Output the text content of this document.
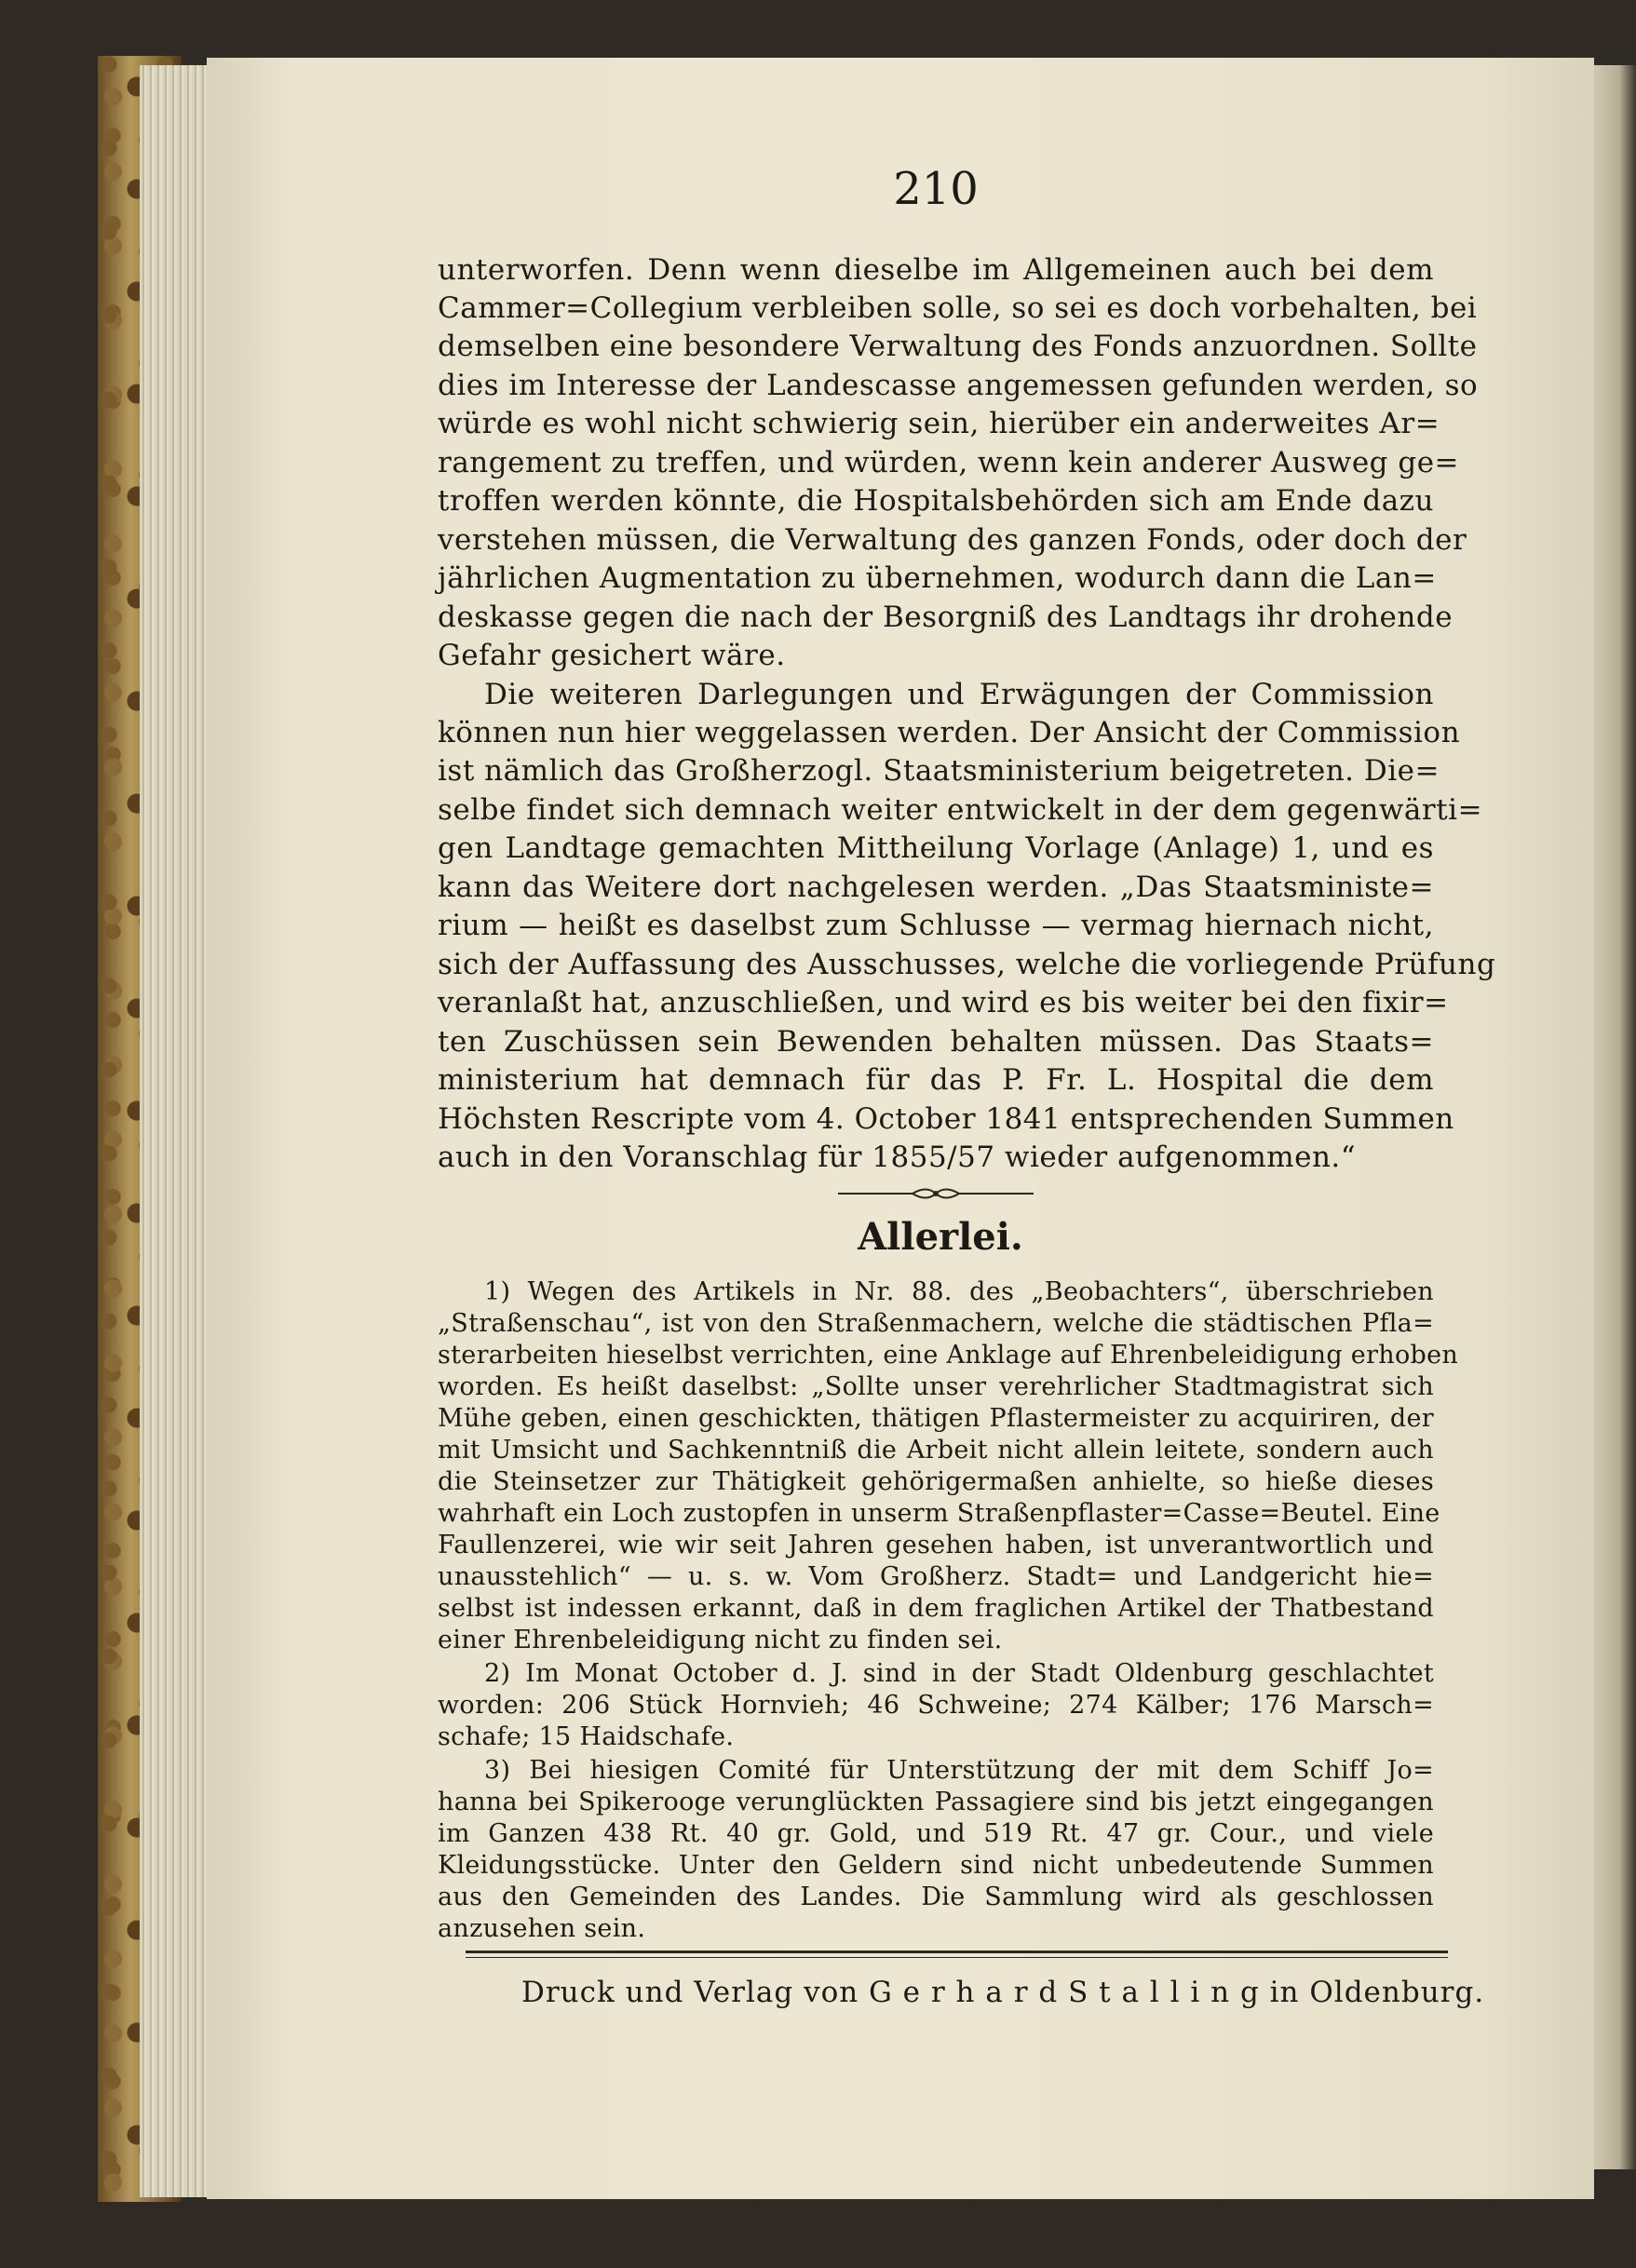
210
unterworfen. Denn wenn dieselbe im Allgemeinen auch bei dem
Cammer=Collegium verbleiben solle, so sei es doch vorbehalten, bei
demselben eine besondere Verwaltung des Fonds anzuordnen. Sollte
dies im Interesse der Landescasse angemessen gefunden werden, so
würde es wohl nicht schwierig sein, hierüber ein anderweites Ar=
rangement zu treffen, und würden, wenn kein anderer Ausweg ge=
troffen werden könnte, die Hospitalsbehörden sich am Ende dazu
verstehen müssen, die Verwaltung des ganzen Fonds, oder doch der
jährlichen Augmentation zu übernehmen, wodurch dann die Lan=
deskasse gegen die nach der Besorgniß des Landtags ihr drohende
Gefahr gesichert wäre.
Die weiteren Darlegungen und Erwägungen der Commission
können nun hier weggelassen werden. Der Ansicht der Commission
ist nämlich das Großherzogl. Staatsministerium beigetreten. Die=
selbe findet sich demnach weiter entwickelt in der dem gegenwärti=
gen Landtage gemachten Mittheilung Vorlage (Anlage) 1, und es
kann das Weitere dort nachgelesen werden. „Das Staatsministe=
rium — heißt es daselbst zum Schlusse — vermag hiernach nicht,
sich der Auffassung des Ausschusses, welche die vorliegende Prüfung
veranlaßt hat, anzuschließen, und wird es bis weiter bei den fixir=
ten Zuschüssen sein Bewenden behalten müssen. Das Staats=
ministerium hat demnach für das P. Fr. L. Hospital die dem
Höchsten Rescripte vom 4. October 1841 entsprechenden Summen
auch in den Voranschlag für 1855/57 wieder aufgenommen.“
Allerlei.
1) Wegen des Artikels in Nr. 88. des „Beobachters“, überschrieben
„Straßenschau“, ist von den Straßenmachern, welche die städtischen Pfla=
sterarbeiten hieselbst verrichten, eine Anklage auf Ehrenbeleidigung erhoben
worden. Es heißt daselbst: „Sollte unser verehrlicher Stadtmagistrat sich
Mühe geben, einen geschickten, thätigen Pflastermeister zu acquiriren, der
mit Umsicht und Sachkenntniß die Arbeit nicht allein leitete, sondern auch
die Steinsetzer zur Thätigkeit gehörigermaßen anhielte, so hieße dieses
wahrhaft ein Loch zustopfen in unserm Straßenpflaster=Casse=Beutel. Eine
Faullenzerei, wie wir seit Jahren gesehen haben, ist unverantwortlich und
unausstehlich“ — u. s. w. Vom Großherz. Stadt= und Landgericht hie=
selbst ist indessen erkannt, daß in dem fraglichen Artikel der Thatbestand
einer Ehrenbeleidigung nicht zu finden sei.
2) Im Monat October d. J. sind in der Stadt Oldenburg geschlachtet
worden: 206 Stück Hornvieh; 46 Schweine; 274 Kälber; 176 Marsch=
schafe; 15 Haidschafe.
3) Bei hiesigen Comité für Unterstützung der mit dem Schiff Jo=
hanna bei Spikerooge verunglückten Passagiere sind bis jetzt eingegangen
im Ganzen 438 Rt. 40 gr. Gold, und 519 Rt. 47 gr. Cour., und viele
Kleidungsstücke. Unter den Geldern sind nicht unbedeutende Summen
aus den Gemeinden des Landes. Die Sammlung wird als geschlossen
anzusehen sein.
Druck und Verlag von G e r h a r d S t a l l i n g in Oldenburg.
